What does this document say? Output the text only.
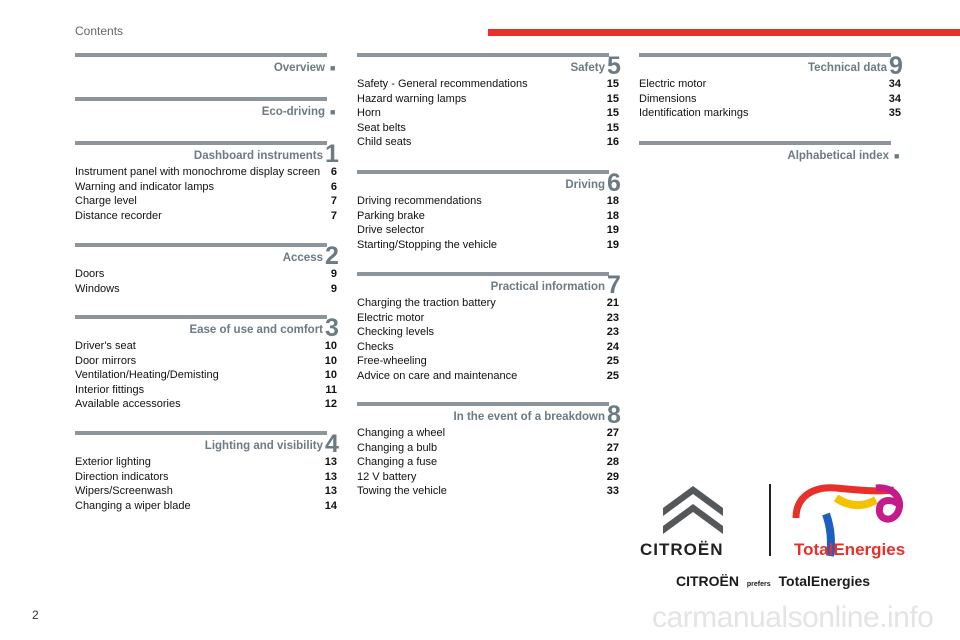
Contents
Overview ■
Eco-driving ■
Dashboard instruments 1
Instrument panel with monochrome display screen 6
Warning and indicator lamps	6
Charge level	7
Distance recorder	7
Access 2
Doors	9
Windows	9
Ease of use and comfort 3
Driver's seat	10
Door mirrors	10
Ventilation/Heating/Demisting	10
Interior fittings	11
Available accessories	12
Lighting and visibility 4
Exterior lighting	13
Direction indicators	13
Wipers/Screenwash	13
Changing a wiper blade	14
Safety 5
Safety - General recommendations	15
Hazard warning lamps	15
Horn	15
Seat belts	15
Child seats	16
Driving 6
Driving recommendations	18
Parking brake	18
Drive selector	19
Starting/Stopping the vehicle	19
Practical information 7
Charging the traction battery	21
Electric motor	23
Checking levels	23
Checks	24
Free-wheeling	25
Advice on care and maintenance	25
In the event of a breakdown 8
Changing a wheel	27
Changing a bulb	27
Changing a fuse	28
12 V battery	29
Towing the vehicle	33
Technical data 9
Electric motor	34
Dimensions	34
Identification markings	35
Alphabetical index ■
CITROËN	TotalEnergies
CITROËN prefers TotalEnergies
2	carmanualsonline.info
